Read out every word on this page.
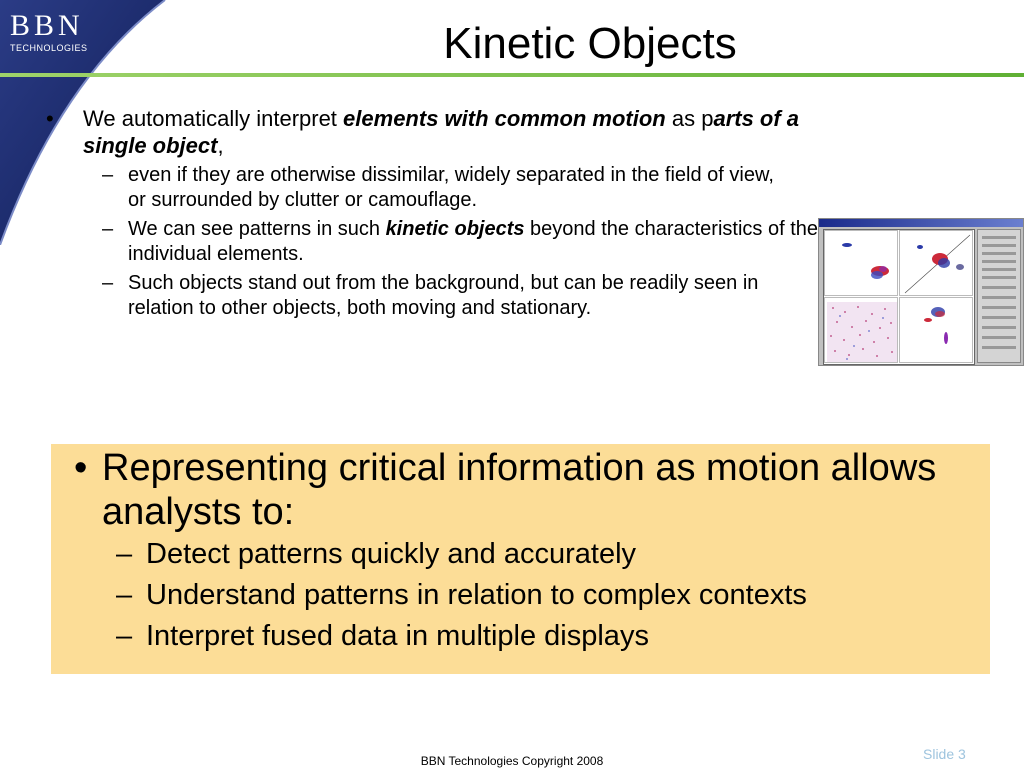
BBN
TECHNOLOGIES	Kinetic Objects
• We automatically interpret elements with common motion as parts of a single object,
– even if they are otherwise dissimilar, widely separated in the field of view,
or surrounded by clutter or camouflage.
– We can see patterns in such kinetic objects beyond the characteristics of the individual elements.
– Such objects stand out from the background, but can be readily seen in relation to other objects, both moving and stationary.
• Representing critical information as motion allows analysts to:
– Detect patterns quickly and accurately
– Understand patterns in relation to complex contexts
– Interpret fused data in multiple displays
BBN Technologies Copyright 2008	Slide 3
